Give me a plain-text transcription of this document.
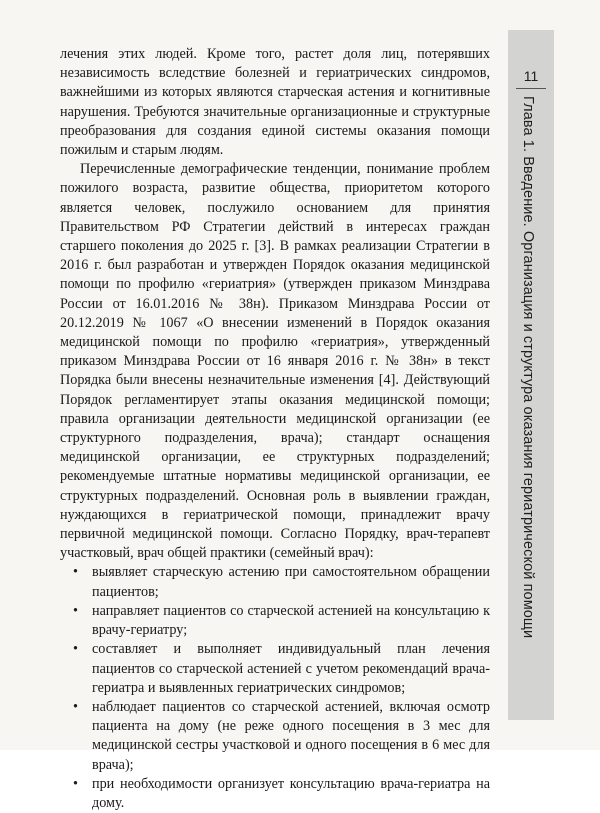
11
Глава 1. Введение. Организация и структура оказания гериатрической помощи

лечения этих людей. Кроме того, растет доля лиц, потерявших независимость вследствие болезней и гериатрических синдромов, важнейшими из которых являются старческая астения и когнитивные нарушения. Требуются значительные организационные и структурные преобразования для создания единой системы оказания помощи пожилым и старым людям.

Перечисленные демографические тенденции, понимание проблем пожилого возраста, развитие общества, приоритетом которого является человек, послужило основанием для принятия Правительством РФ Стратегии действий в интересах граждан старшего поколения до 2025 г. [3]. В рамках реализации Стратегии в 2016 г. был разработан и утвержден Порядок оказания медицинской помощи по профилю «гериатрия» (утвержден приказом Минздрава России от 16.01.2016 № 38н). Приказом Минздрава России от 20.12.2019 № 1067 «О внесении изменений в Порядок оказания медицинской помощи по профилю «гериатрия», утвержденный приказом Минздрава России от 16 января 2016 г. № 38н» в текст Порядка были внесены незначительные изменения [4]. Действующий Порядок регламентирует этапы оказания медицинской помощи; правила организации деятельности медицинской организации (ее структурного подразделения, врача); стандарт оснащения медицинской организации, ее структурных подразделений; рекомендуемые штатные нормативы медицинской организации, ее структурных подразделений. Основная роль в выявлении граждан, нуждающихся в гериатрической помощи, принадлежит врачу первичной медицинской помощи. Согласно Порядку, врач-терапевт участковый, врач общей практики (семейный врач):

• выявляет старческую астению при самостоятельном обращении пациентов;
• направляет пациентов со старческой астенией на консультацию к врачу-гериатру;
• составляет и выполняет индивидуальный план лечения пациентов со старческой астенией с учетом рекомендаций врача-гериатра и выявленных гериатрических синдромов;
• наблюдает пациентов со старческой астенией, включая осмотр пациента на дому (не реже одного посещения в 3 мес для медицинской сестры участковой и одного посещения в 6 мес для врача);
• при необходимости организует консультацию врача-гериатра на дому.
